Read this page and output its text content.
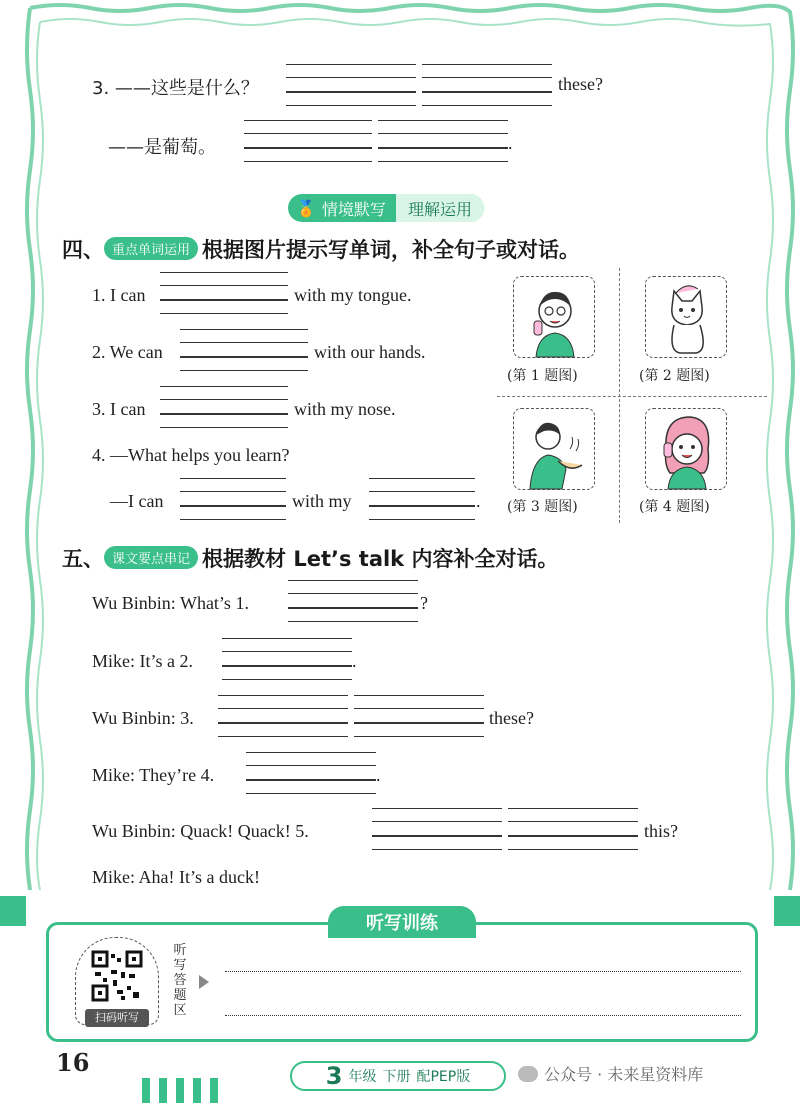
3. ——这些是什么？	these?
——是葡萄。	.
🏅 情境默写	理解运用
四、 重点单词运用 根据图片提示写单词，补全句子或对话。
1. I can	with my tongue.
2. We can	with our hands.
3. I can	with my nose.
4. —What helps you learn?
—I can	with my	.
(第 1 题图)	(第 2 题图)
(第 3 题图)	(第 4 题图)
五、 课文要点串记 根据教材 Let’s talk 内容补全对话。
Wu Binbin: What’s 1.	?
Mike: It’s a 2.	.
Wu Binbin: 3.	these?
Mike: They’re 4.	.
Wu Binbin: Quack! Quack! 5.	this?
Mike: Aha! It’s a duck!
扫码听写
听写答题区
听写训练
16	3 年级 下册 配PEP版	公众号 · 未来星资料库
